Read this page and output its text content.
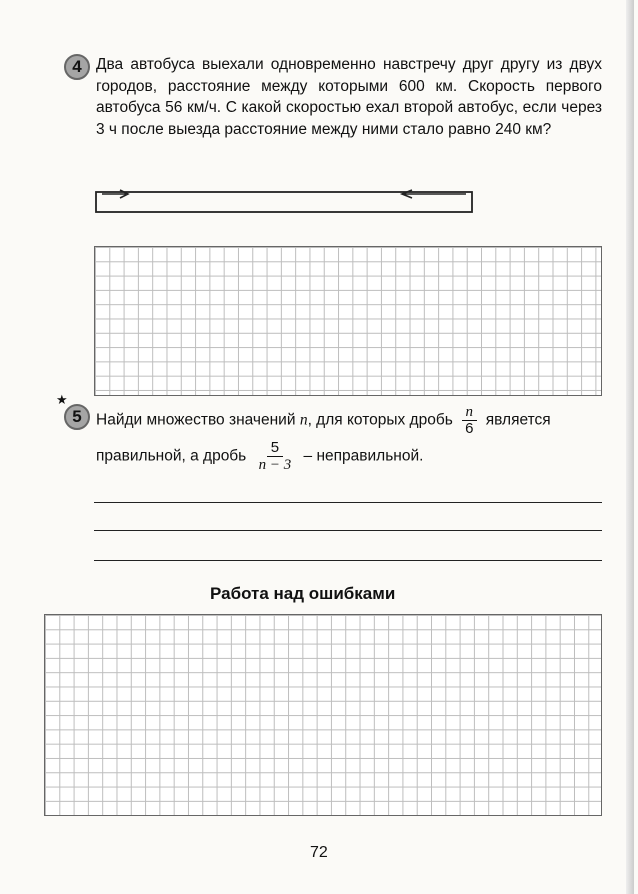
4 Два автобуса выехали одновременно навстречу друг другу из двух городов, расстояние между которыми 600 км. Скорость первого автобуса 56 км/ч. С какой скоростью ехал второй автобус, если через 3 ч после выезда расстояние между ними стало равно 240 км?
★
5 Найди множество значений n, для которых дробь $\frac{n}{6}$ является
правильной, а дробь $\frac{5}{n - 3}$ – неправильной.
Работа над ошибками
72
